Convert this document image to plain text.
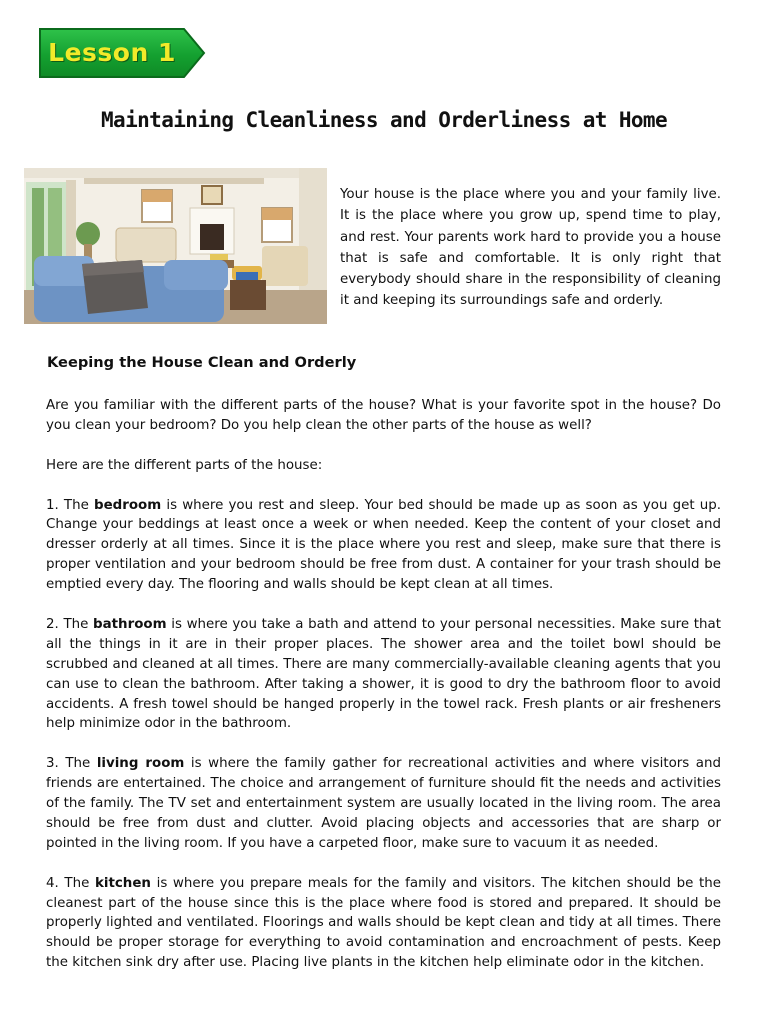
Lesson 1
Maintaining Cleanliness and Orderliness at Home
Your house is the place where you and your family live. It is the place where you grow up, spend time to play, and rest. Your parents work hard to provide you a house that is safe and comfortable. It is only right that everybody should share in the responsibility of cleaning it and keeping its surroundings safe and orderly.
Keeping the House Clean and Orderly

Are you familiar with the different parts of the house? What is your favorite spot in the house? Do you clean your bedroom? Do you help clean the other parts of the house as well?

Here are the different parts of the house:

1. The bedroom is where you rest and sleep. Your bed should be made up as soon as you get up. Change your beddings at least once a week or when needed. Keep the content of your closet and dresser orderly at all times. Since it is the place where you rest and sleep, make sure that there is proper ventilation and your bedroom should be free from dust. A container for your trash should be emptied every day. The flooring and walls should be kept clean at all times.

2. The bathroom is where you take a bath and attend to your personal necessities. Make sure that all the things in it are in their proper places. The shower area and the toilet bowl should be scrubbed and cleaned at all times. There are many commercially-available cleaning agents that you can use to clean the bathroom. After taking a shower, it is good to dry the bathroom floor to avoid accidents. A fresh towel should be hanged properly in the towel rack. Fresh plants or air fresheners help minimize odor in the bathroom.

3. The living room is where the family gather for recreational activities and where visitors and friends are entertained. The choice and arrangement of furniture should fit the needs and activities of the family. The TV set and entertainment system are usually located in the living room. The area should be free from dust and clutter. Avoid placing objects and accessories that are sharp or pointed in the living room. If you have a carpeted floor, make sure to vacuum it as needed.

4. The kitchen is where you prepare meals for the family and visitors. The kitchen should be the cleanest part of the house since this is the place where food is stored and prepared. It should be properly lighted and ventilated. Floorings and walls should be kept clean and tidy at all times. There should be proper storage for everything to avoid contamination and encroachment of pests. Keep the kitchen sink dry after use. Placing live plants in the kitchen help eliminate odor in the kitchen.
